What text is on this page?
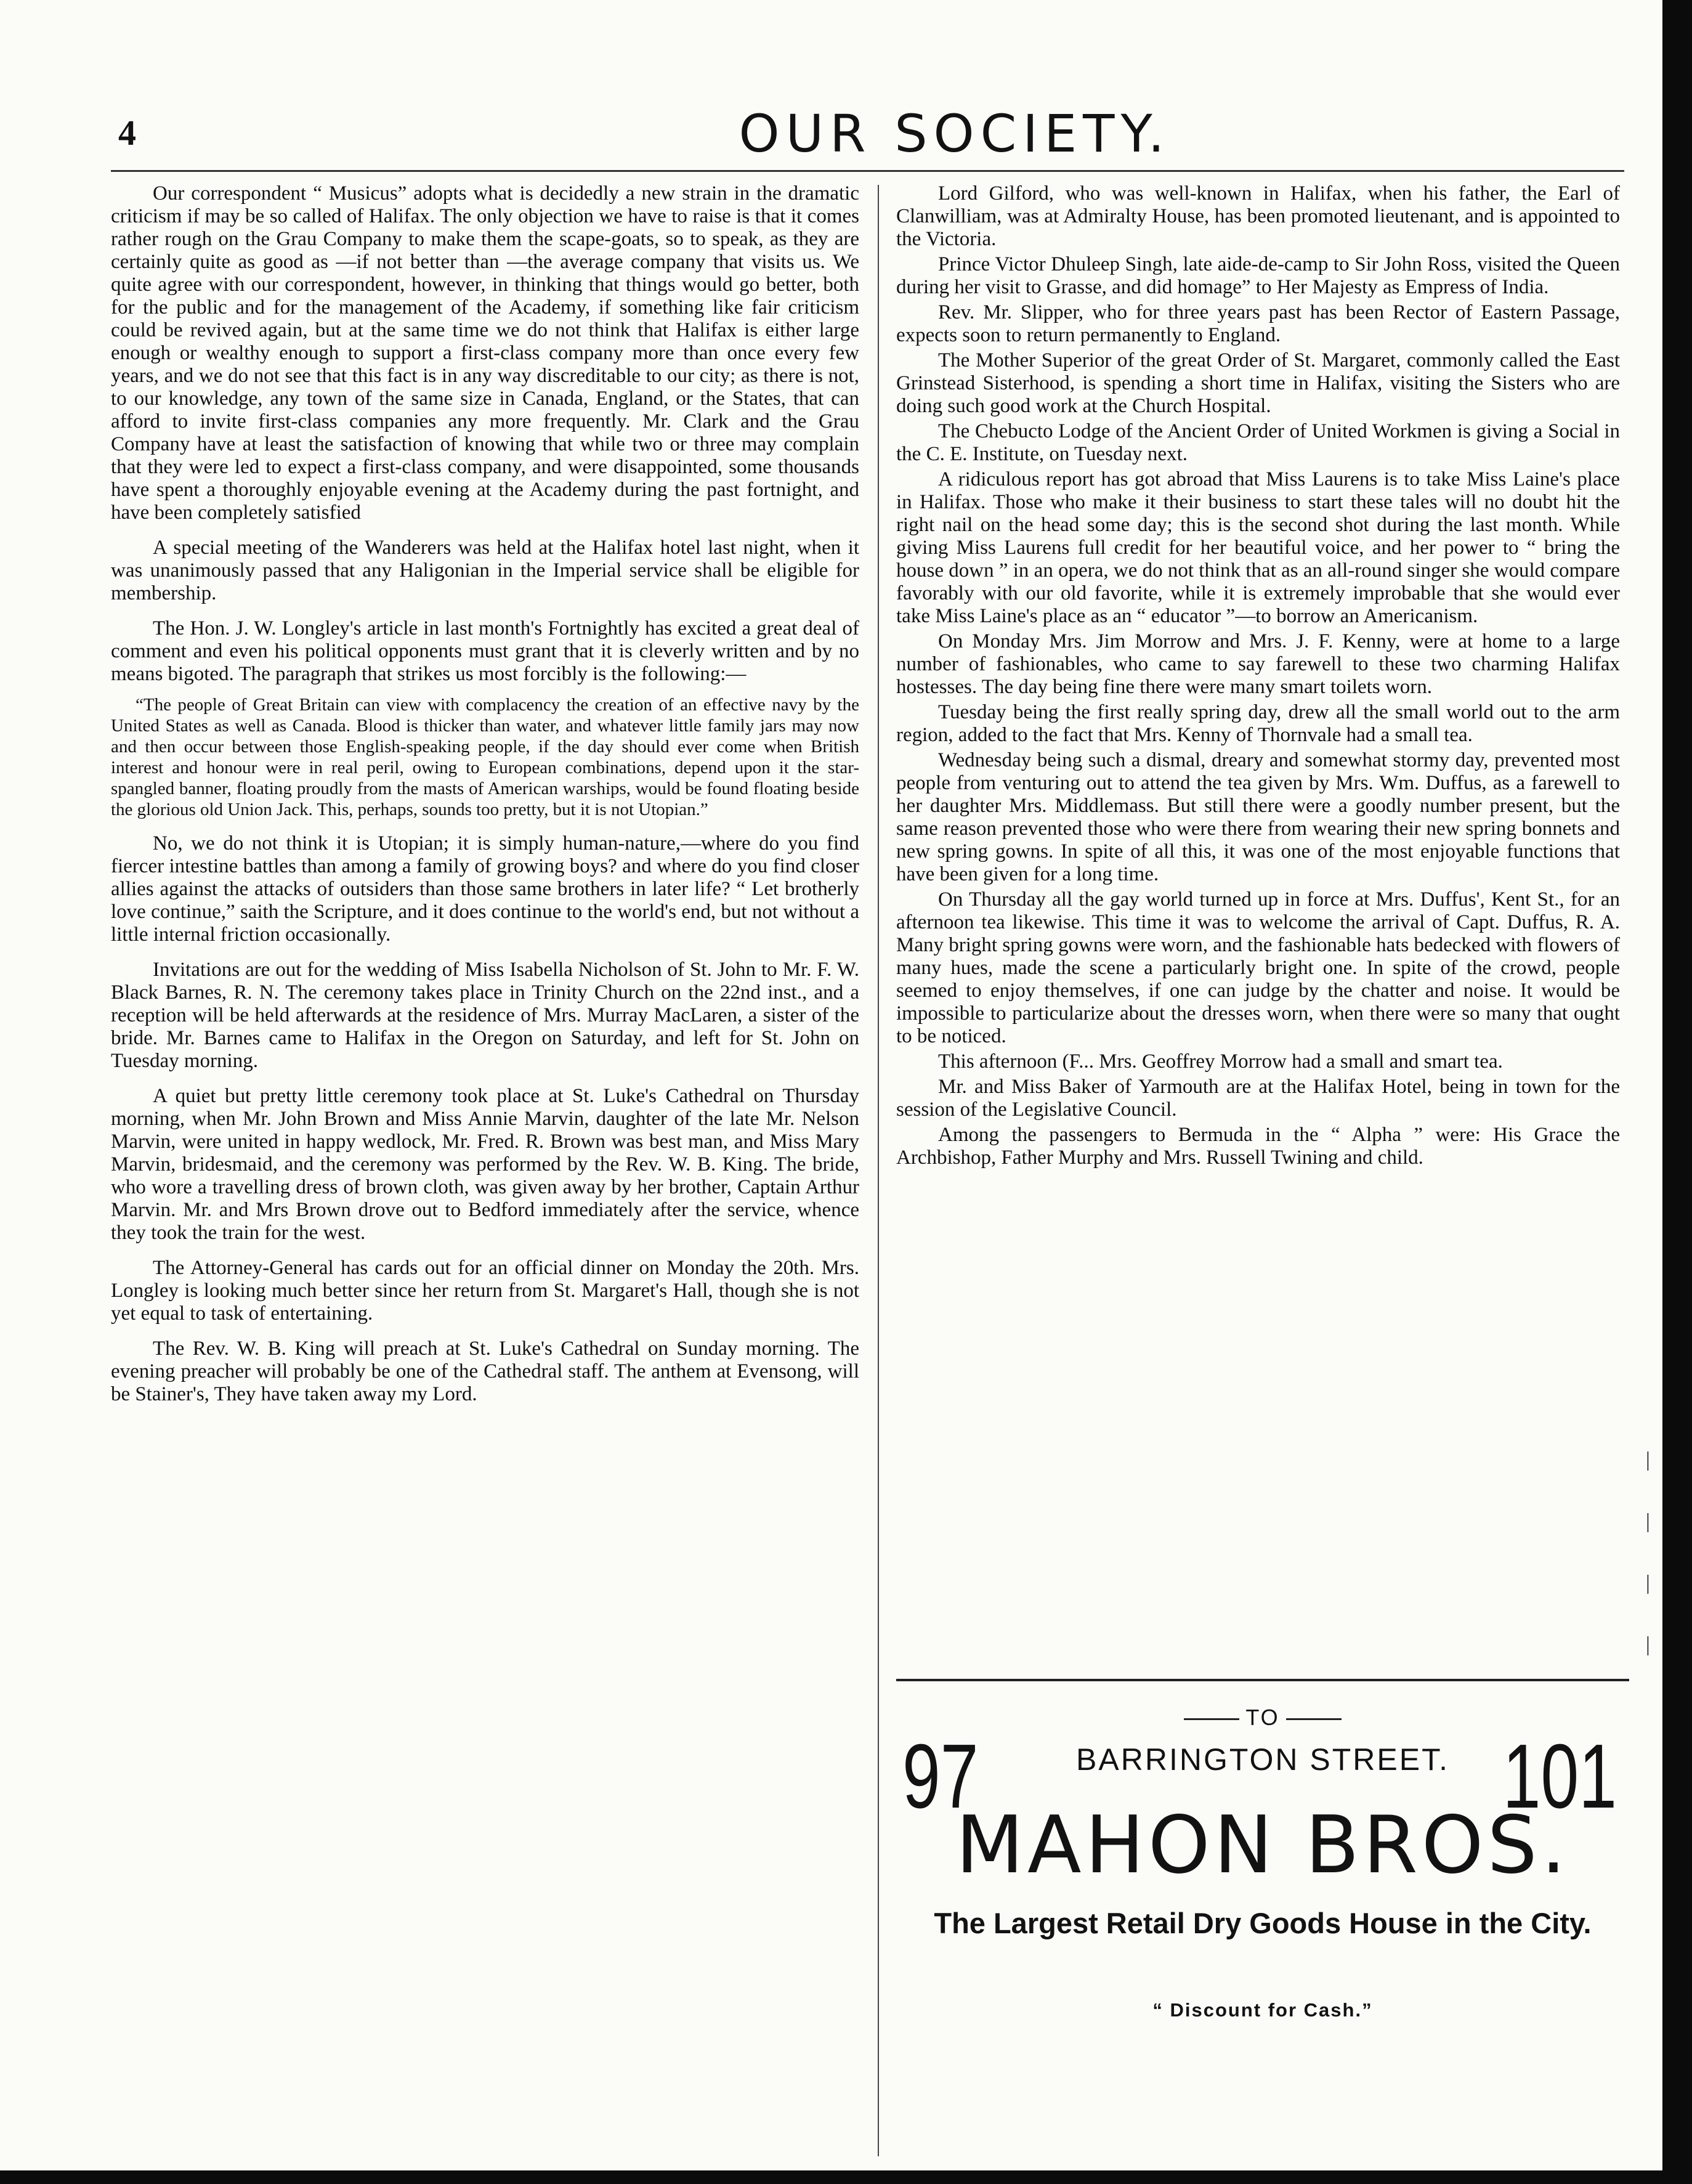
4	OUR SOCIETY.

Our correspondent “ Musicus” adopts what is decidedly a new strain in the dramatic criticism if may be so called of Halifax. The only objection we have to raise is that it comes rather rough on the Grau Company to make them the scape-goats, so to speak, as they are certainly quite as good as —if not better than —the average company that visits us. We quite agree with our correspondent, however, in thinking that things would go better, both for the public and for the management of the Academy, if something like fair criticism could be revived again, but at the same time we do not think that Halifax is either large enough or wealthy enough to support a first-class company more than once every few years, and we do not see that this fact is in any way discreditable to our city; as there is not, to our knowledge, any town of the same size in Canada, England, or the States, that can afford to invite first-class companies any more frequently. Mr. Clark and the Grau Company have at least the satisfaction of knowing that while two or three may complain that they were led to expect a first-class company, and were disappointed, some thousands have spent a thoroughly enjoyable evening at the Academy during the past fortnight, and have been completely satisfied

A special meeting of the Wanderers was held at the Halifax hotel last night, when it was unanimously passed that any Haligonian in the Imperial service shall be eligible for membership.

The Hon. J. W. Longley's article in last month's Fortnightly has excited a great deal of comment and even his political opponents must grant that it is cleverly written and by no means bigoted. The paragraph that strikes us most forcibly is the following:—

“The people of Great Britain can view with complacency the creation of an effective navy by the United States as well as Canada. Blood is thicker than water, and whatever little family jars may now and then occur between those English-speaking people, if the day should ever come when British interest and honour were in real peril, owing to European combinations, depend upon it the star-spangled banner, floating proudly from the masts of American warships, would be found floating beside the glorious old Union Jack. This, perhaps, sounds too pretty, but it is not Utopian.”

No, we do not think it is Utopian; it is simply human-nature,—where do you find fiercer intestine battles than among a family of growing boys? and where do you find closer allies against the attacks of outsiders than those same brothers in later life? “ Let brotherly love continue,” saith the Scripture, and it does continue to the world's end, but not without a little internal friction occasionally.

Invitations are out for the wedding of Miss Isabella Nicholson of St. John to Mr. F. W. Black Barnes, R. N. The ceremony takes place in Trinity Church on the 22nd inst., and a reception will be held afterwards at the residence of Mrs. Murray MacLaren, a sister of the bride. Mr. Barnes came to Halifax in the Oregon on Saturday, and left for St. John on Tuesday morning.

A quiet but pretty little ceremony took place at St. Luke's Cathedral on Thursday morning, when Mr. John Brown and Miss Annie Marvin, daughter of the late Mr. Nelson Marvin, were united in happy wedlock, Mr. Fred. R. Brown was best man, and Miss Mary Marvin, bridesmaid, and the ceremony was performed by the Rev. W. B. King. The bride, who wore a travelling dress of brown cloth, was given away by her brother, Captain Arthur Marvin. Mr. and Mrs Brown drove out to Bedford immediately after the service, whence they took the train for the west.

The Attorney-General has cards out for an official dinner on Monday the 20th. Mrs. Longley is looking much better since her return from St. Margaret's Hall, though she is not yet equal to task of entertaining.

The Rev. W. B. King will preach at St. Luke's Cathedral on Sunday morning. The evening preacher will probably be one of the Cathedral staff. The anthem at Evensong, will be Stainer's, They have taken away my Lord.

Lord Gilford, who was well-known in Halifax, when his father, the Earl of Clanwilliam, was at Admiralty House, has been promoted lieutenant, and is appointed to the Victoria.

Prince Victor Dhuleep Singh, late aide-de-camp to Sir John Ross, visited the Queen during her visit to Grasse, and did homage” to Her Majesty as Empress of India.

Rev. Mr. Slipper, who for three years past has been Rector of Eastern Passage, expects soon to return permanently to England.

The Mother Superior of the great Order of St. Margaret, commonly called the East Grinstead Sisterhood, is spending a short time in Halifax, visiting the Sisters who are doing such good work at the Church Hospital.

The Chebucto Lodge of the Ancient Order of United Workmen is giving a Social in the C. E. Institute, on Tuesday next.

A ridiculous report has got abroad that Miss Laurens is to take Miss Laine's place in Halifax. Those who make it their business to start these tales will no doubt hit the right nail on the head some day; this is the second shot during the last month. While giving Miss Laurens full credit for her beautiful voice, and her power to “ bring the house down ” in an opera, we do not think that as an all-round singer she would compare favorably with our old favorite, while it is extremely improbable that she would ever take Miss Laine's place as an “ educator ”—to borrow an Americanism.

On Monday Mrs. Jim Morrow and Mrs. J. F. Kenny, were at home to a large number of fashionables, who came to say farewell to these two charming Halifax hostesses. The day being fine there were many smart toilets worn.

Tuesday being the first really spring day, drew all the small world out to the arm region, added to the fact that Mrs. Kenny of Thornvale had a small tea.

Wednesday being such a dismal, dreary and somewhat stormy day, prevented most people from venturing out to attend the tea given by Mrs. Wm. Duffus, as a farewell to her daughter Mrs. Middlemass. But still there were a goodly number present, but the same reason prevented those who were there from wearing their new spring bonnets and new spring gowns. In spite of all this, it was one of the most enjoyable functions that have been given for a long time.

On Thursday all the gay world turned up in force at Mrs. Duffus', Kent St., for an afternoon tea likewise. This time it was to welcome the arrival of Capt. Duffus, R. A. Many bright spring gowns were worn, and the fashionable hats bedecked with flowers of many hues, made the scene a particularly bright one. In spite of the crowd, people seemed to enjoy themselves, if one can judge by the chatter and noise. It would be impossible to particularize about the dresses worn, when there were so many that ought to be noticed.

This afternoon (F... Mrs. Geoffrey Morrow had a small and smart tea.

Mr. and Miss Baker of Yarmouth are at the Halifax Hotel, being in town for the session of the Legislative Council.

Among the passengers to Bermuda in the “ Alpha ” were: His Grace the Archbishop, Father Murphy and Mrs. Russell Twining and child.

97	101
TO
BARRINGTON STREET.
MAHON BROS.
The Largest Retail Dry Goods House in the City.
“ Discount for Cash.”
|
|
|
|
